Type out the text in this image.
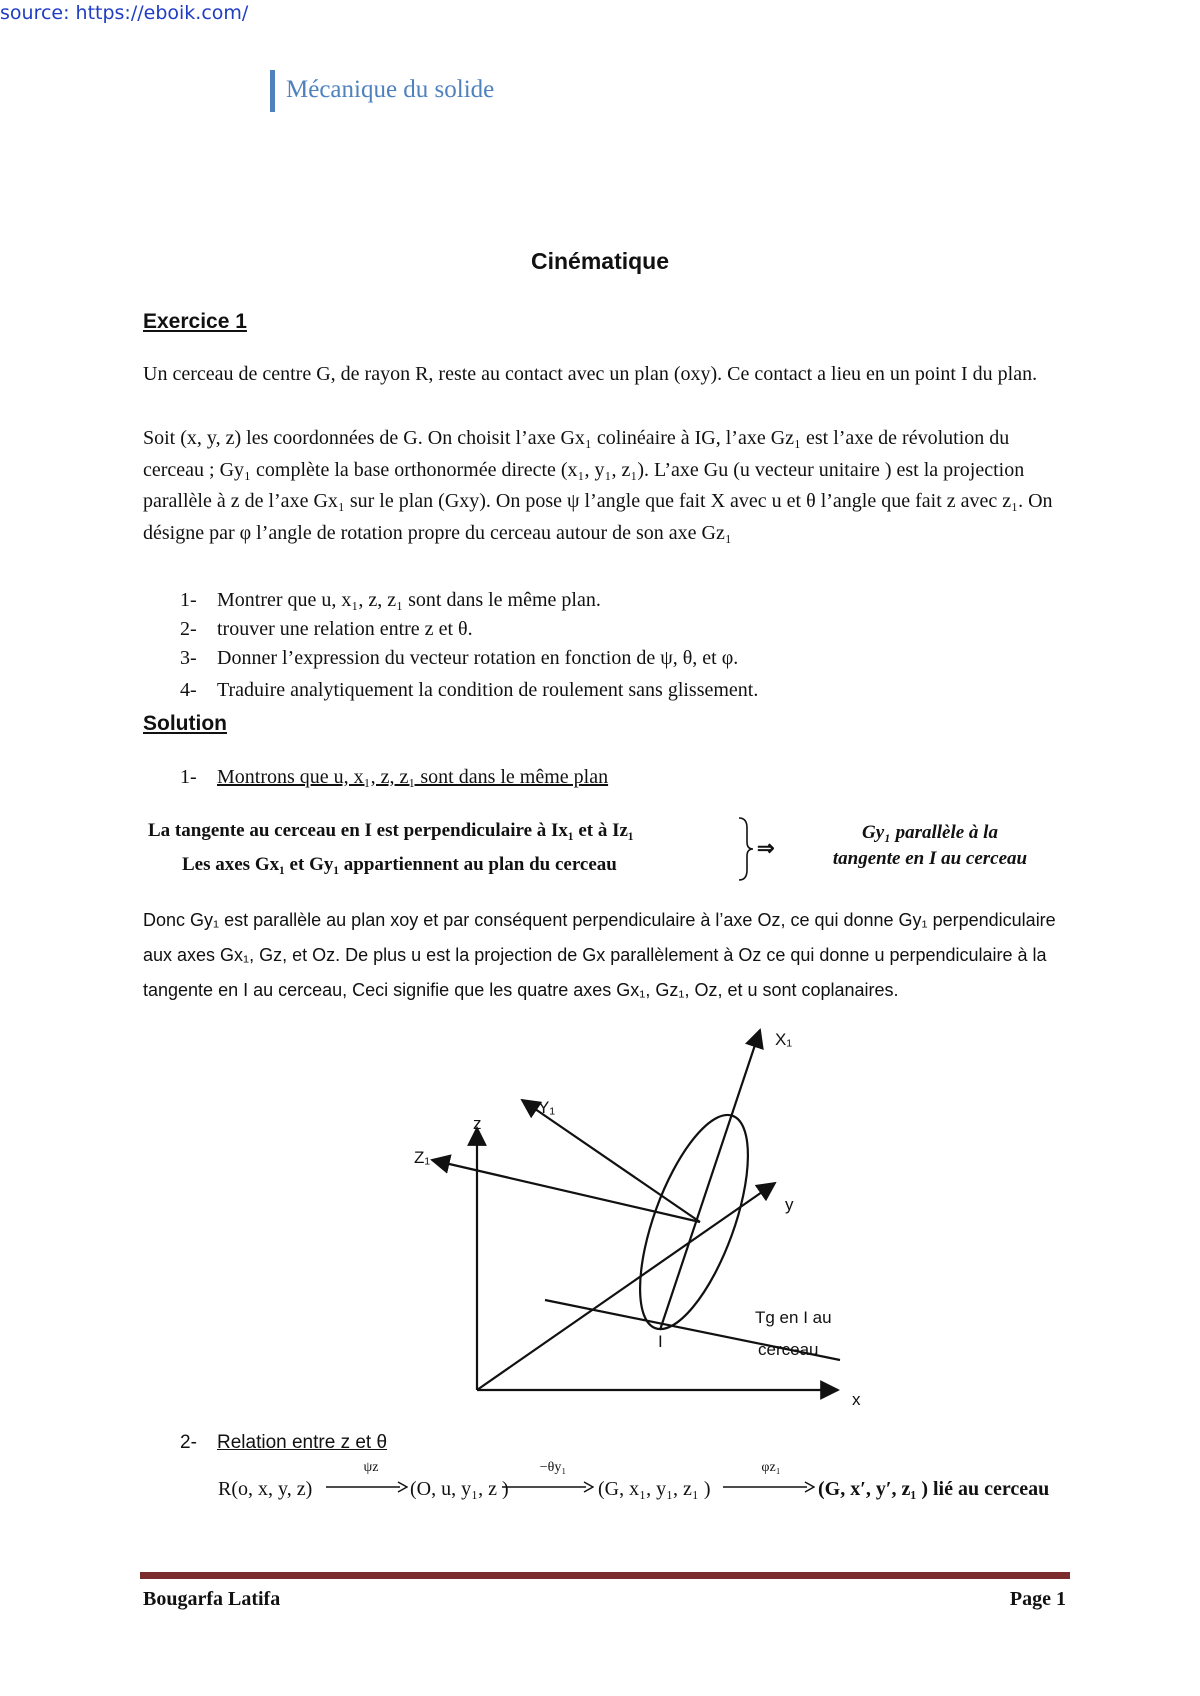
source: https://eboik.com/
Mécanique du solide
Cinématique
Exercice 1
Un cerceau de centre G, de rayon R, reste au contact avec un plan (oxy). Ce contact a lieu en un point I du plan.
Soit (x, y, z) les coordonnées de G. On choisit l’axe Gx₁ colinéaire à IG, l’axe Gz₁ est l’axe de révolution du cerceau ; Gy₁ complète la base orthonormée directe (x₁, y₁, z₁). L’axe Gu (u vecteur unitaire ) est la projection parallèle à z de l’axe Gx₁ sur le plan (Gxy). On pose ψ l’angle que fait X avec u et θ l’angle que fait z avec z₁. On désigne par φ l’angle de rotation propre du cerceau autour de son axe Gz₁
1- Montrer que u, x₁, z, z₁ sont dans le même plan.
2- trouver une relation entre z et θ.
3- Donner l’expression du vecteur rotation en fonction de ψ, θ, et φ.
4- Traduire analytiquement la condition de roulement sans glissement.
Solution
1- Montrons que u, x₁, z, z₁ sont dans le même plan
La tangente au cerceau en I est perpendiculaire à Ix₁ et à Iz₁
Les axes Gx₁ et Gy₁ appartiennent au plan du cerceau
⇒
Gy₁ parallèle à la
tangente en I au cerceau
Donc Gy₁ est parallèle au plan xoy et par conséquent perpendiculaire à l’axe Oz, ce qui donne Gy₁ perpendiculaire aux axes Gx₁, Gz, et Oz. De plus u est la projection de Gx parallèlement à Oz ce qui donne u perpendiculaire à la tangente en I au cerceau, Ceci signifie que les quatre axes Gx₁, Gz₁, Oz, et u sont coplanaires.
X₁
Y₁
z
Z₁
y
x
I
Tg en I au
cerceau
2- Relation entre z et θ
R(o, x, y, z)
ψz
(O, u, y₁, z )
−θy₁
(G, x₁, y₁, z₁ )
φz₁
(G, x′, y′, z₁ ) lié au cerceau
Bougarfa Latifa	Page 1
